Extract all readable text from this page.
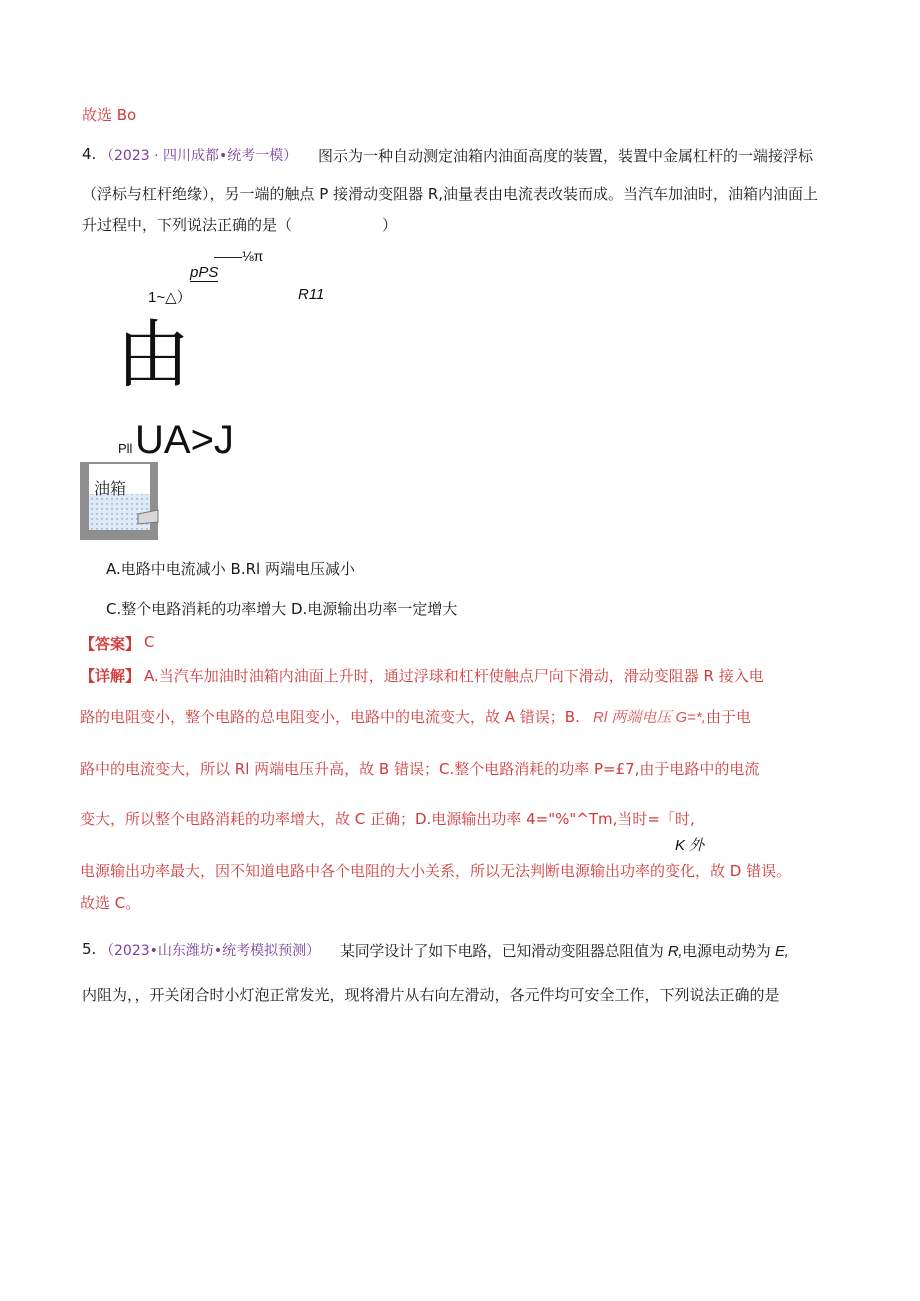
故选 Bo
4. （2023 · 四川成都•统考一模） 图示为一种自动测定油箱内油面高度的装置，装置中金属杠杆的一端接浮标
（浮标与杠杆绝缘），另一端的触点 P 接滑动变阻器 R,油量表由电流表改装而成。当汽车加油时，油箱内油面上
升过程中，下列说法正确的是（　　　　　　）
——⅛π
pPS
1~△）	R11
由
Pll UA>J
油箱
A.电路中电流减小 B.Rl 两端电压减小
C.整个电路消耗的功率增大 D.电源输出功率一定增大
【答案】 C
【详解】 A.当汽车加油时油箱内油面上升时，通过浮球和杠杆使触点尸向下滑动，滑动变阻器 R 接入电
路的电阻变小，整个电路的总电阻变小，电路中的电流变大，故 A 错误；B. Rl 两端电压 G=*, 由于电
路中的电流变大，所以 Rl 两端电压升高，故 B 错误；C.整个电路消耗的功率 P=£7,由于电路中的电流
变大，所以整个电路消耗的功率增大，故 C 正确；D.电源输出功率 4="%"^Tm,当时=「时,
K 外
电源输出功率最大，因不知道电路中各个电阻的大小关系，所以无法判断电源输出功率的变化，故 D 错误。
故选 C。
5. （2023•山东潍坊•统考模拟预测） 某同学设计了如下电路，已知滑动变阻器总阻值为 R,电源电动势为 E,
内阻为，，开关闭合时小灯泡正常发光，现将滑片从右向左滑动，各元件均可安全工作，下列说法正确的是
